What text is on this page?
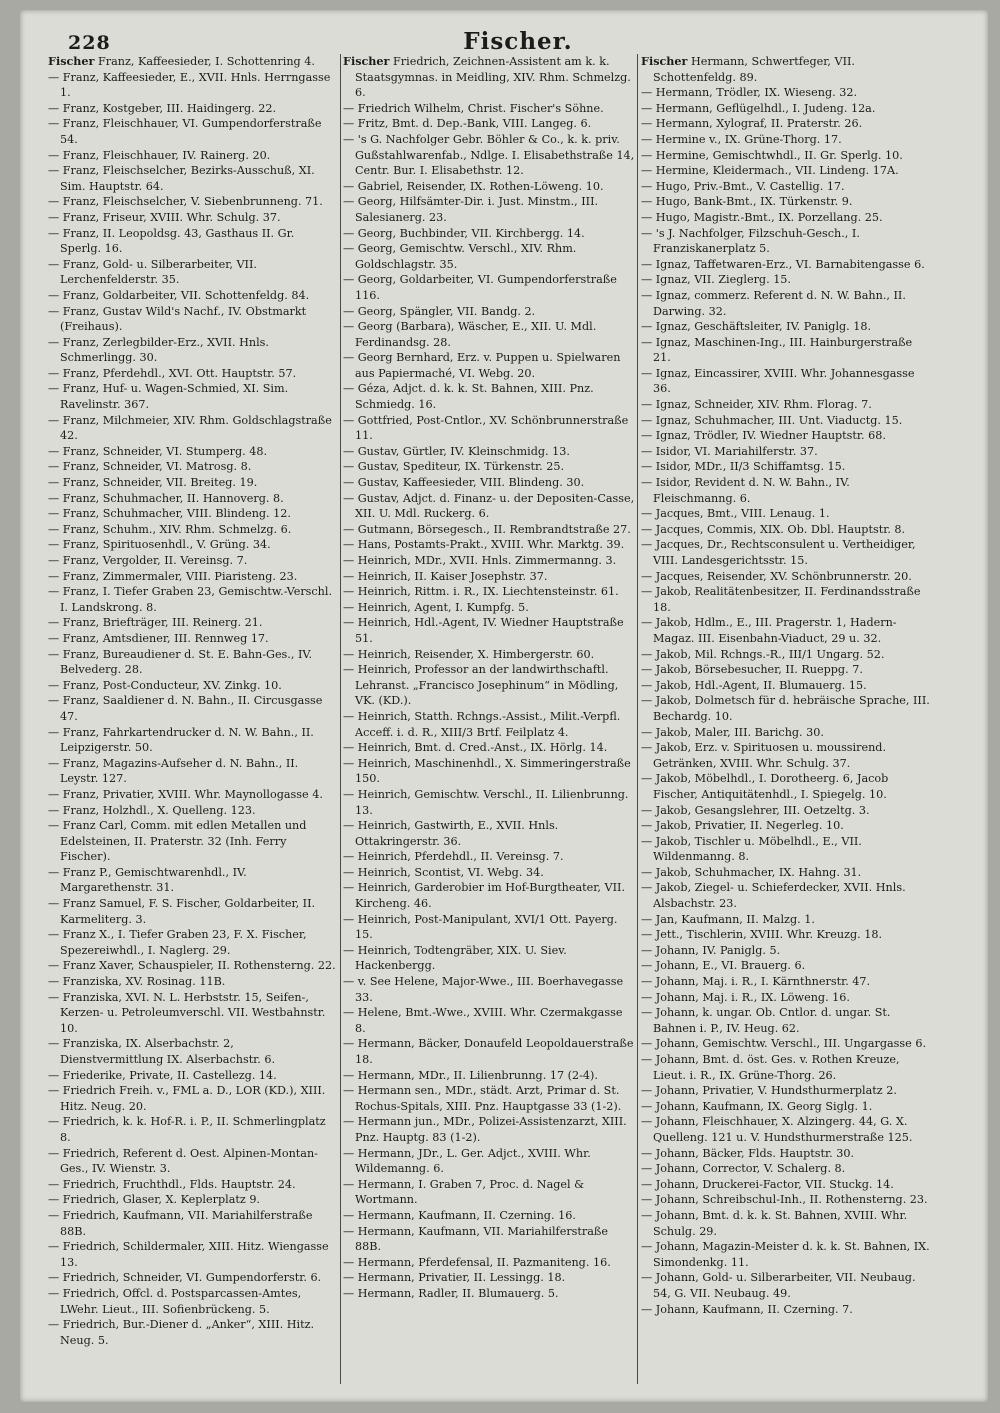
228	Fischer.
Fischer Franz, Kaffeesieder, I. Schottenring 4.
— Franz, Kaffeesieder, E., XVII. Hnls. Herrngasse 1.
— Franz, Kostgeber, III. Haidingerg. 22.
— Franz, Fleischhauer, VI. Gumpendorferstraße 54.
— Franz, Fleischhauer, IV. Rainerg. 20.
— Franz, Fleischselcher, Bezirks-Ausschuß, XI. Sim. Hauptstr. 64.
— Franz, Fleischselcher, V. Siebenbrunneng. 71.
— Franz, Friseur, XVIII. Whr. Schulg. 37.
— Franz, II. Leopoldsg. 43, Gasthaus II. Gr. Sperlg. 16.
— Franz, Gold- u. Silberarbeiter, VII. Lerchenfelderstr. 35.
— Franz, Goldarbeiter, VII. Schottenfeldg. 84.
— Franz, Gustav Wild's Nachf., IV. Obstmarkt (Freihaus).
— Franz, Zerlegbilder-Erz., XVII. Hnls. Schmerlingg. 30.
— Franz, Pferdehdl., XVI. Ott. Hauptstr. 57.
— Franz, Huf- u. Wagen-Schmied, XI. Sim. Ravelinstr. 367.
— Franz, Milchmeier, XIV. Rhm. Goldschlagstraße 42.
— Franz, Schneider, VI. Stumperg. 48.
— Franz, Schneider, VI. Matrosg. 8.
— Franz, Schneider, VII. Breiteg. 19.
— Franz, Schuhmacher, II. Hannoverg. 8.
— Franz, Schuhmacher, VIII. Blindeng. 12.
— Franz, Schuhm., XIV. Rhm. Schmelzg. 6.
— Franz, Spirituosenhdl., V. Grüng. 34.
— Franz, Vergolder, II. Vereinsg. 7.
— Franz, Zimmermaler, VIII. Piaristeng. 23.
— Franz, I. Tiefer Graben 23, Gemischtw.-Verschl. I. Landskrong. 8.
— Franz, Briefträger, III. Reinerg. 21.
— Franz, Amtsdiener, III. Rennweg 17.
— Franz, Bureaudiener d. St. E. Bahn-Ges., IV. Belvederg. 28.
— Franz, Post-Conducteur, XV. Zinkg. 10.
— Franz, Saaldiener d. N. Bahn., II. Circusgasse 47.
— Franz, Fahrkartendrucker d. N. W. Bahn., II. Leipzigerstr. 50.
— Franz, Magazins-Aufseher d. N. Bahn., II. Leystr. 127.
— Franz, Privatier, XVIII. Whr. Maynollogasse 4.
— Franz, Holzhdl., X. Quelleng. 123.
— Franz Carl, Comm. mit edlen Metallen und Edelsteinen, II. Praterstr. 32 (Inh. Ferry Fischer).
— Franz P., Gemischtwarenhdl., IV. Margarethenstr. 31.
— Franz Samuel, F. S. Fischer, Goldarbeiter, II. Karmeliterg. 3.
— Franz X., I. Tiefer Graben 23, F. X. Fischer, Spezereiwhdl., I. Naglerg. 29.
— Franz Xaver, Schauspieler, II. Rothensterng. 22.
— Franziska, XV. Rosinag. 11B.
— Franziska, XVI. N. L. Herbststr. 15, Seifen-, Kerzen- u. Petroleumverschl. VII. Westbahnstr. 10.
— Franziska, IX. Alserbachstr. 2, Dienstvermittlung IX. Alserbachstr. 6.
— Friederike, Private, II. Castellezg. 14.
— Friedrich Freih. v., FML a. D., LOR (KD.), XIII. Hitz. Neug. 20.
— Friedrich, k. k. Hof-R. i. P., II. Schmerlingplatz 8.
— Friedrich, Referent d. Oest. Alpinen-Montan-Ges., IV. Wienstr. 3.
— Friedrich, Fruchthdl., Flds. Hauptstr. 24.
— Friedrich, Glaser, X. Keplerplatz 9.
— Friedrich, Kaufmann, VII. Mariahilferstraße 88B.
— Friedrich, Schildermaler, XIII. Hitz. Wiengasse 13.
— Friedrich, Schneider, VI. Gumpendorferstr. 6.
— Friedrich, Offcl. d. Postsparcassen-Amtes, LWehr. Lieut., III. Sofienbrückeng. 5.
— Friedrich, Bur.-Diener d. „Anker“, XIII. Hitz. Neug. 5.
Fischer Friedrich, Zeichnen-Assistent am k. k. Staatsgymnas. in Meidling, XIV. Rhm. Schmelzg. 6.
— Friedrich Wilhelm, Christ. Fischer's Söhne.
— Fritz, Bmt. d. Dep.-Bank, VIII. Langeg. 6.
— 's G. Nachfolger Gebr. Böhler & Co., k. k. priv. Gußstahlwarenfab., Ndlge. I. Elisabethstraße 14, Centr. Bur. I. Elisabethstr. 12.
— Gabriel, Reisender, IX. Rothen-Löweng. 10.
— Georg, Hilfsämter-Dir. i. Just. Minstm., III. Salesianerg. 23.
— Georg, Buchbinder, VII. Kirchbergg. 14.
— Georg, Gemischtw. Verschl., XIV. Rhm. Goldschlagstr. 35.
— Georg, Goldarbeiter, VI. Gumpendorferstraße 116.
— Georg, Spängler, VII. Bandg. 2.
— Georg (Barbara), Wäscher, E., XII. U. Mdl. Ferdinandsg. 28.
— Georg Bernhard, Erz. v. Puppen u. Spielwaren aus Papiermaché, VI. Webg. 20.
— Géza, Adjct. d. k. k. St. Bahnen, XIII. Pnz. Schmiedg. 16.
— Gottfried, Post-Cntlor., XV. Schönbrunnerstraße 11.
— Gustav, Gürtler, IV. Kleinschmidg. 13.
— Gustav, Spediteur, IX. Türkenstr. 25.
— Gustav, Kaffeesieder, VIII. Blindeng. 30.
— Gustav, Adjct. d. Finanz- u. der Depositen-Casse, XII. U. Mdl. Ruckerg. 6.
— Gutmann, Börsegesch., II. Rembrandtstraße 27.
— Hans, Postamts-Prakt., XVIII. Whr. Marktg. 39.
— Heinrich, MDr., XVII. Hnls. Zimmermanng. 3.
— Heinrich, II. Kaiser Josephstr. 37.
— Heinrich, Rittm. i. R., IX. Liechtensteinstr. 61.
— Heinrich, Agent, I. Kumpfg. 5.
— Heinrich, Hdl.-Agent, IV. Wiedner Hauptstraße 51.
— Heinrich, Reisender, X. Himbergerstr. 60.
— Heinrich, Professor an der landwirthschaftl. Lehranst. „Francisco Josephinum“ in Mödling, VK. (KD.).
— Heinrich, Statth. Rchngs.-Assist., Milit.-Verpfl. Acceff. i. d. R., XIII/3 Brtf. Feilplatz 4.
— Heinrich, Bmt. d. Cred.-Anst., IX. Hörlg. 14.
— Heinrich, Maschinenhdl., X. Simmeringerstraße 150.
— Heinrich, Gemischtw. Verschl., II. Lilienbrunng. 13.
— Heinrich, Gastwirth, E., XVII. Hnls. Ottakringerstr. 36.
— Heinrich, Pferdehdl., II. Vereinsg. 7.
— Heinrich, Scontist, VI. Webg. 34.
— Heinrich, Garderobier im Hof-Burgtheater, VII. Kircheng. 46.
— Heinrich, Post-Manipulant, XVI/1 Ott. Payerg. 15.
— Heinrich, Todtengräber, XIX. U. Siev. Hackenbergg.
— v. See Helene, Major-Wwe., III. Boerhavegasse 33.
— Helene, Bmt.-Wwe., XVIII. Whr. Czermakgasse 8.
— Hermann, Bäcker, Donaufeld Leopoldauerstraße 18.
— Hermann, MDr., II. Lilienbrunng. 17 (2-4).
— Hermann sen., MDr., städt. Arzt, Primar d. St. Rochus-Spitals, XIII. Pnz. Hauptgasse 33 (1-2).
— Hermann jun., MDr., Polizei-Assistenzarzt, XIII. Pnz. Hauptg. 83 (1-2).
— Hermann, JDr., L. Ger. Adjct., XVIII. Whr. Wildemanng. 6.
— Hermann, I. Graben 7, Proc. d. Nagel & Wortmann.
— Hermann, Kaufmann, II. Czerning. 16.
— Hermann, Kaufmann, VII. Mariahilferstraße 88B.
— Hermann, Pferdefensal, II. Pazmaniteng. 16.
— Hermann, Privatier, II. Lessingg. 18.
— Hermann, Radler, II. Blumauerg. 5.
Fischer Hermann, Schwertfeger, VII. Schottenfeldg. 89.
— Hermann, Trödler, IX. Wieseng. 32.
— Hermann, Geflügelhdl., I. Judeng. 12a.
— Hermann, Xylograf, II. Praterstr. 26.
— Hermine v., IX. Grüne-Thorg. 17.
— Hermine, Gemischtwhdl., II. Gr. Sperlg. 10.
— Hermine, Kleidermach., VII. Lindeng. 17A.
— Hugo, Priv.-Bmt., V. Castellig. 17.
— Hugo, Bank-Bmt., IX. Türkenstr. 9.
— Hugo, Magistr.-Bmt., IX. Porzellang. 25.
— 's J. Nachfolger, Filzschuh-Gesch., I. Franziskanerplatz 5.
— Ignaz, Taffetwaren-Erz., VI. Barnabitengasse 6.
— Ignaz, VII. Zieglerg. 15.
— Ignaz, commerz. Referent d. N. W. Bahn., II. Darwing. 32.
— Ignaz, Geschäftsleiter, IV. Paniglg. 18.
— Ignaz, Maschinen-Ing., III. Hainburgerstraße 21.
— Ignaz, Eincassirer, XVIII. Whr. Johannesgasse 36.
— Ignaz, Schneider, XIV. Rhm. Florag. 7.
— Ignaz, Schuhmacher, III. Unt. Viaductg. 15.
— Ignaz, Trödler, IV. Wiedner Hauptstr. 68.
— Isidor, VI. Mariahilferstr. 37.
— Isidor, MDr., II/3 Schiffamtsg. 15.
— Isidor, Revident d. N. W. Bahn., IV. Fleischmanng. 6.
— Jacques, Bmt., VIII. Lenaug. 1.
— Jacques, Commis, XIX. Ob. Dbl. Hauptstr. 8.
— Jacques, Dr., Rechtsconsulent u. Vertheidiger, VIII. Landesgerichtsstr. 15.
— Jacques, Reisender, XV. Schönbrunnerstr. 20.
— Jakob, Realitätenbesitzer, II. Ferdinandsstraße 18.
— Jakob, Hdlm., E., III. Pragerstr. 1, Hadern-Magaz. III. Eisenbahn-Viaduct, 29 u. 32.
— Jakob, Mil. Rchngs.-R., III/1 Ungarg. 52.
— Jakob, Börsebesucher, II. Rueppg. 7.
— Jakob, Hdl.-Agent, II. Blumauerg. 15.
— Jakob, Dolmetsch für d. hebräische Sprache, III. Bechardg. 10.
— Jakob, Maler, III. Barichg. 30.
— Jakob, Erz. v. Spirituosen u. moussirend. Getränken, XVIII. Whr. Schulg. 37.
— Jakob, Möbelhdl., I. Dorotheerg. 6, Jacob Fischer, Antiquitätenhdl., I. Spiegelg. 10.
— Jakob, Gesangslehrer, III. Oetzeltg. 3.
— Jakob, Privatier, II. Negerleg. 10.
— Jakob, Tischler u. Möbelhdl., E., VII. Wildenmanng. 8.
— Jakob, Schuhmacher, IX. Hahng. 31.
— Jakob, Ziegel- u. Schieferdecker, XVII. Hnls. Alsbachstr. 23.
— Jan, Kaufmann, II. Malzg. 1.
— Jett., Tischlerin, XVIII. Whr. Kreuzg. 18.
— Johann, IV. Paniglg. 5.
— Johann, E., VI. Brauerg. 6.
— Johann, Maj. i. R., I. Kärnthnerstr. 47.
— Johann, Maj. i. R., IX. Löweng. 16.
— Johann, k. ungar. Ob. Cntlor. d. ungar. St. Bahnen i. P., IV. Heug. 62.
— Johann, Gemischtw. Verschl., III. Ungargasse 6.
— Johann, Bmt. d. öst. Ges. v. Rothen Kreuze, Lieut. i. R., IX. Grüne-Thorg. 26.
— Johann, Privatier, V. Hundsthurmerplatz 2.
— Johann, Kaufmann, IX. Georg Siglg. 1.
— Johann, Fleischhauer, X. Alzingerg. 44, G. X. Quelleng. 121 u. V. Hundsthurmerstraße 125.
— Johann, Bäcker, Flds. Hauptstr. 30.
— Johann, Corrector, V. Schalerg. 8.
— Johann, Druckerei-Factor, VII. Stuckg. 14.
— Johann, Schreibschul-Inh., II. Rothensterng. 23.
— Johann, Bmt. d. k. k. St. Bahnen, XVIII. Whr. Schulg. 29.
— Johann, Magazin-Meister d. k. k. St. Bahnen, IX. Simondenkg. 11.
— Johann, Gold- u. Silberarbeiter, VII. Neubaug. 54, G. VII. Neubaug. 49.
— Johann, Kaufmann, II. Czerning. 7.
